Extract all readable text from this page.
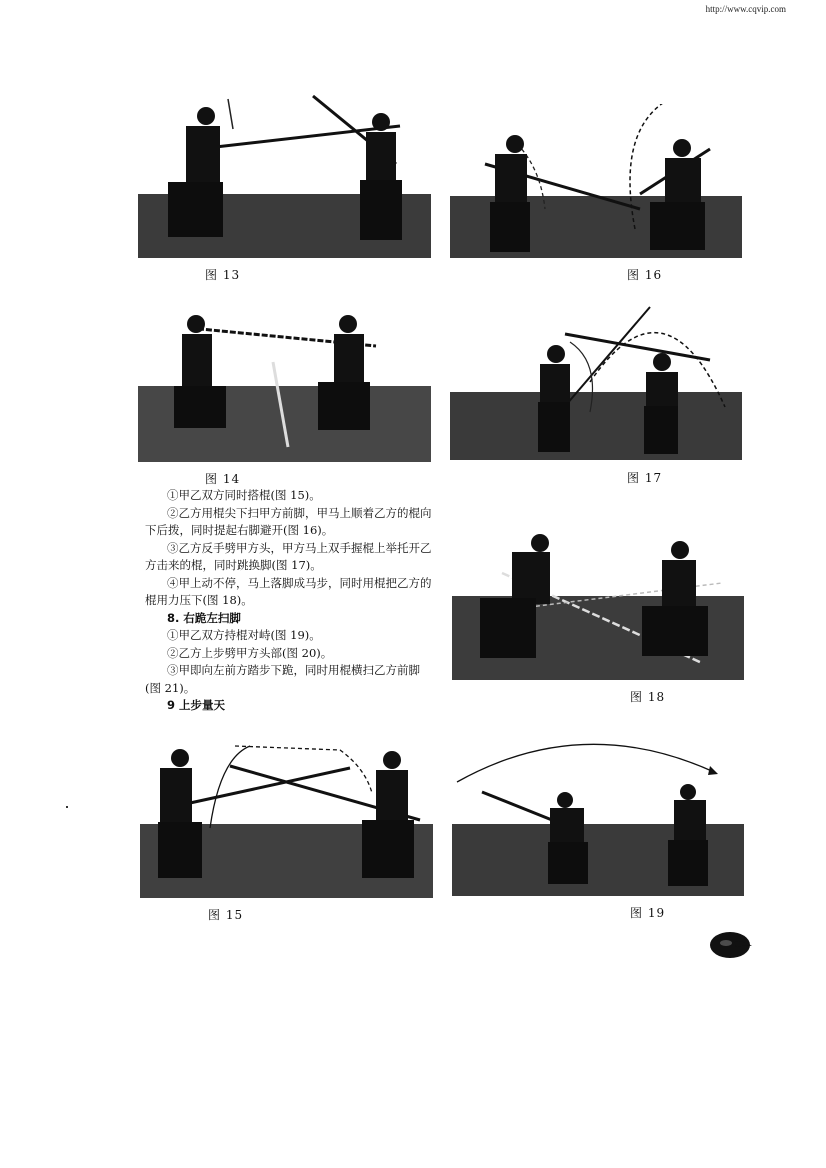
http://www.cqvip.com
图 13	图 16
图 14	图 17

①甲乙双方同时搭棍(图 15)。

②乙方用棍尖下扫甲方前脚，甲马上顺着乙方的棍向下后拨，同时提起右脚避开(图 16)。

③乙方反手劈甲方头，甲方马上双手握棍上举托开乙方击来的棍，同时跳换脚(图 17)。

④甲上动不停，马上落脚成马步，同时用棍把乙方的棍用力压下(图 18)。

8. 右跪左扫脚

①甲乙双方持棍对峙(图 19)。

②乙方上步劈甲方头部(图 20)。

③甲即向左前方踏步下跪，同时用棍横扫乙方前脚(图 21)。

9 上步量天

图 18
图 15	图 19
